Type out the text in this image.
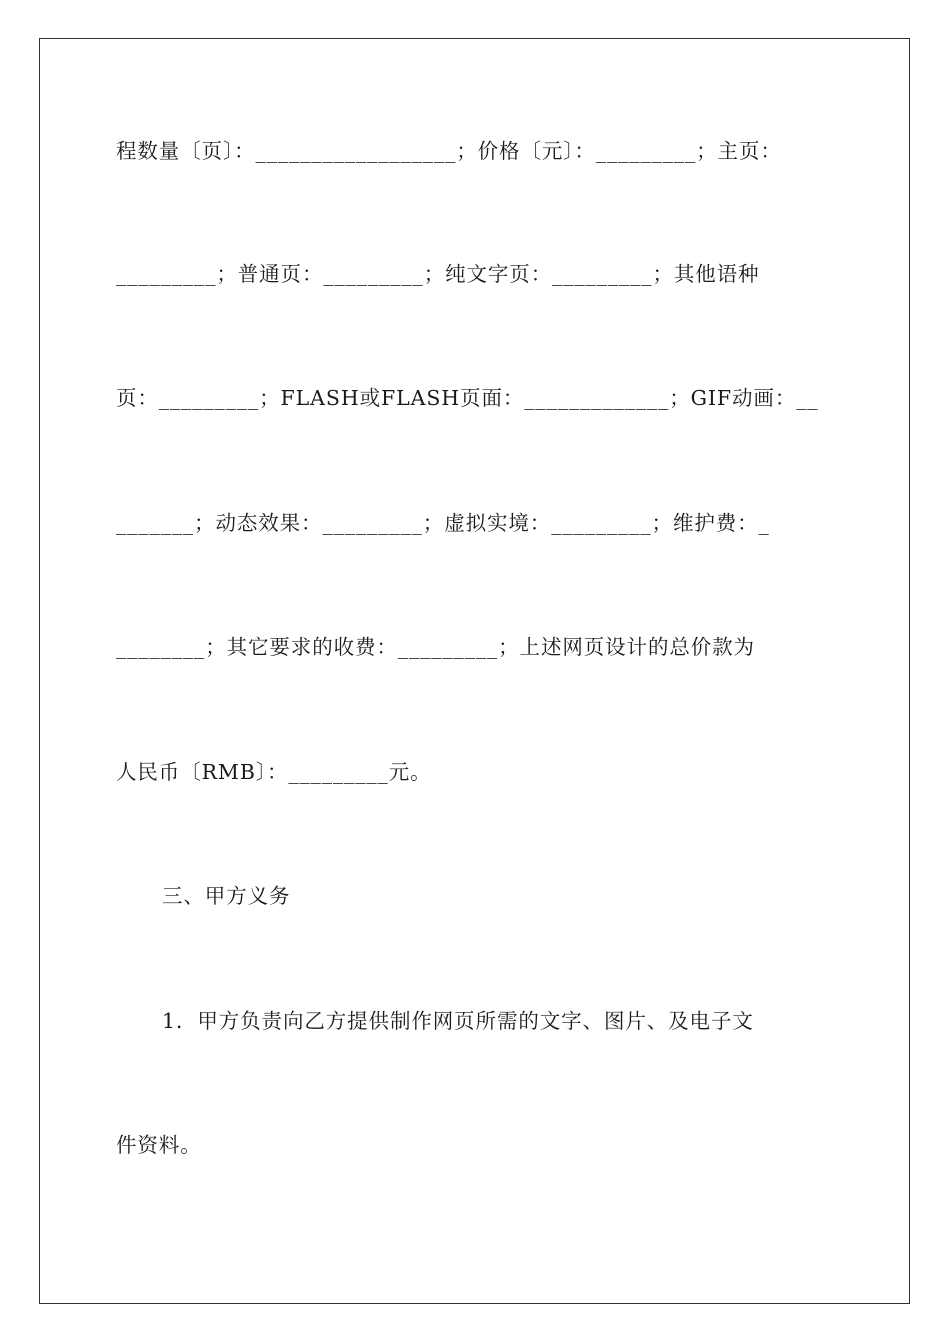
程数量〔页〕：__________________；价格〔元〕：_________；主页：
_________；普通页：_________；纯文字页：_________；其他语种
页：_________；FLASH或FLASH页面：_____________；GIF动画：__
_______；动态效果：_________；虚拟实境：_________；维护费：_
________；其它要求的收费：_________；上述网页设计的总价款为
人民币〔RMB〕：_________元。
三、甲方义务
1．甲方负责向乙方提供制作网页所需的文字、图片、及电子文
件资料。
